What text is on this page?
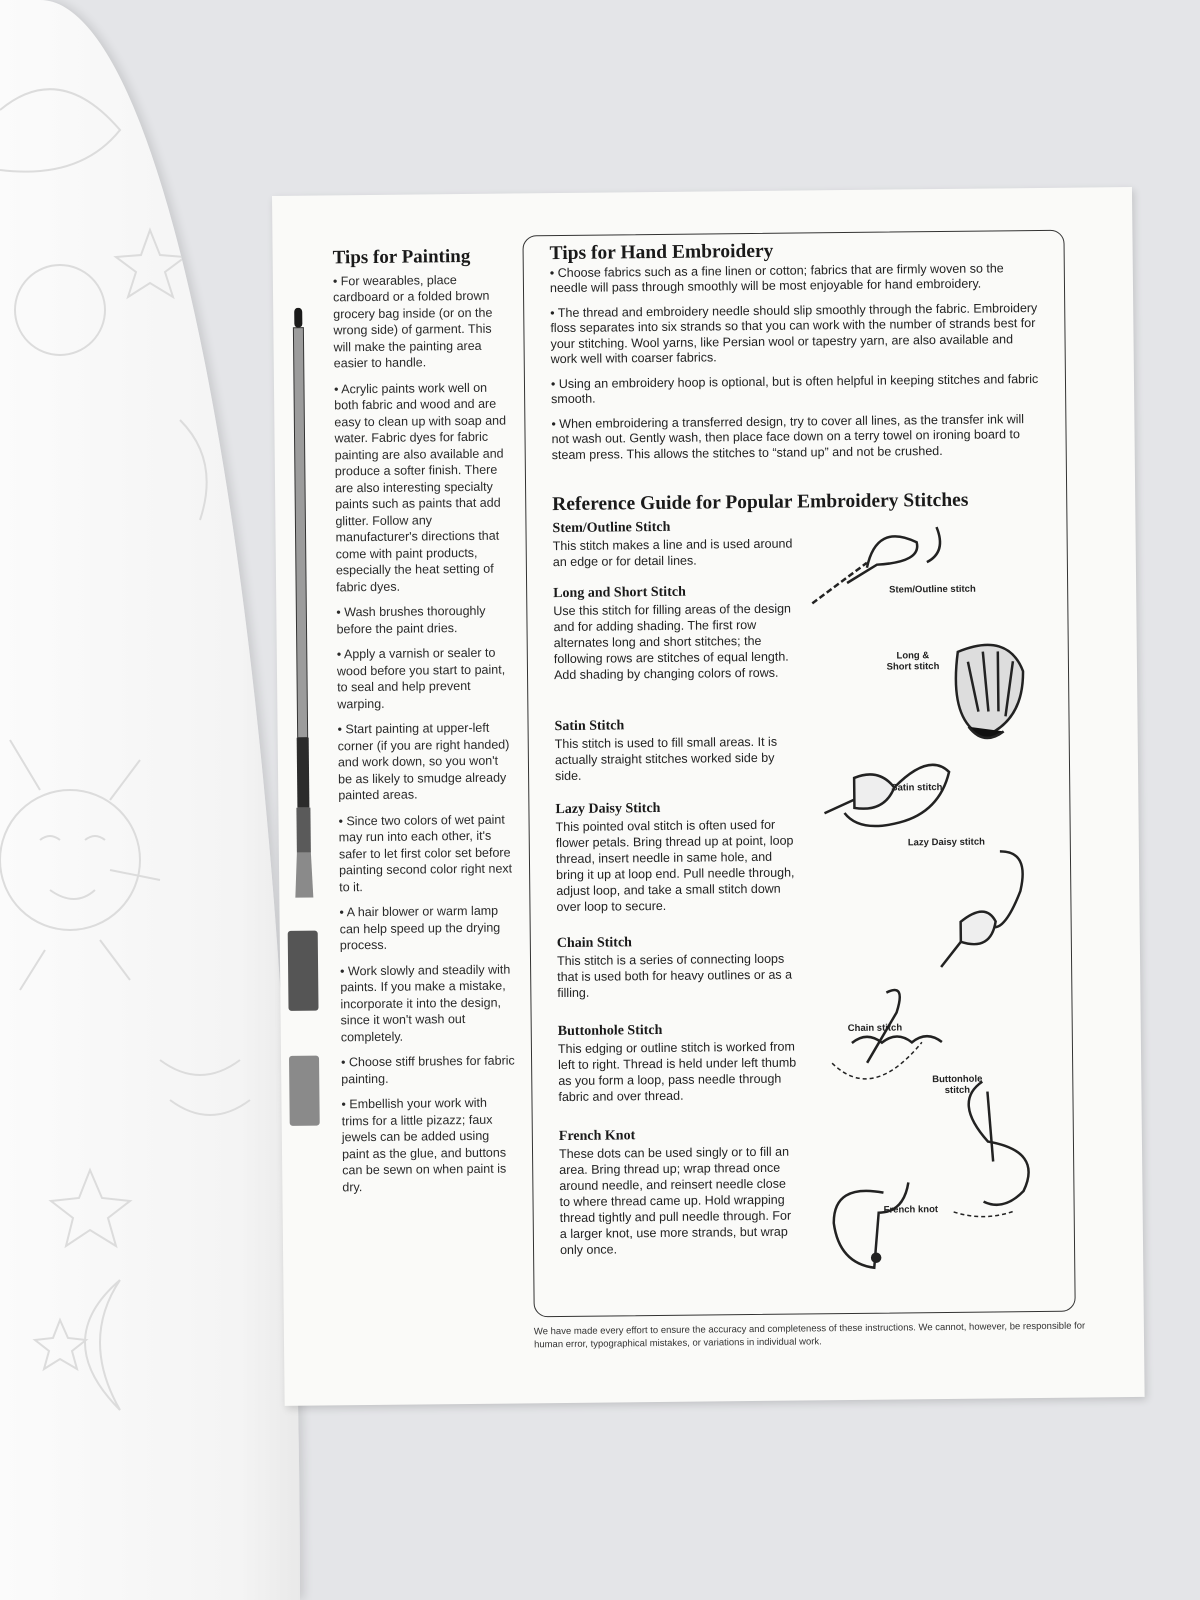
Tips for Painting

• For wearables, place cardboard or a folded brown grocery bag inside (or on the wrong side) of garment. This will make the painting area easier to handle.

• Acrylic paints work well on both fabric and wood and are easy to clean up with soap and water. Fabric dyes for fabric painting are also available and produce a softer finish. There are also interesting specialty paints such as paints that add glitter. Follow any manufacturer's directions that come with paint products, especially the heat setting of fabric dyes.

• Wash brushes thoroughly before the paint dries.

• Apply a varnish or sealer to wood before you start to paint, to seal and help prevent warping.

• Start painting at upper-left corner (if you are right handed) and work down, so you won't be as likely to smudge already painted areas.

• Since two colors of wet paint may run into each other, it's safer to let first color set before painting second color right next to it.

• A hair blower or warm lamp can help speed up the drying process.

• Work slowly and steadily with paints. If you make a mistake, incorporate it into the design, since it won't wash out completely.

• Choose stiff brushes for fabric painting.

• Embellish your work with trims for a little pizazz; faux jewels can be added using paint as the glue, and buttons can be sewn on when paint is dry.

Tips for Hand Embroidery

• Choose fabrics such as a fine linen or cotton; fabrics that are firmly woven so the needle will pass through smoothly will be most enjoyable for hand embroidery.

• The thread and embroidery needle should slip smoothly through the fabric. Embroidery floss separates into six strands so that you can work with the number of strands best for your stitching. Wool yarns, like Persian wool or tapestry yarn, are also available and work well with coarser fabrics.

• Using an embroidery hoop is optional, but is often helpful in keeping stitches and fabric smooth.

• When embroidering a transferred design, try to cover all lines, as the transfer ink will not wash out. Gently wash, then place face down on a terry towel on ironing board to steam press. This allows the stitches to “stand up” and not be crushed.

Reference Guide for Popular Embroidery Stitches
Stem/Outline Stitch

This stitch makes a line and is used around an edge or for detail lines.

Long and Short Stitch

Use this stitch for filling areas of the design and for adding shading. The first row alternates long and short stitches; the following rows are stitches of equal length. Add shading by changing colors of rows.

Satin Stitch

This stitch is used to fill small areas. It is actually straight stitches worked side by side.

Lazy Daisy Stitch

This pointed oval stitch is often used for flower petals. Bring thread up at point, loop thread, insert needle in same hole, and bring it up at loop end. Pull needle through, adjust loop, and take a small stitch down over loop to secure.

Chain Stitch

This stitch is a series of connecting loops that is used both for heavy outlines or as a filling.

Buttonhole Stitch

This edging or outline stitch is worked from left to right. Thread is held under left thumb as you form a loop, pass needle through fabric and over thread.

French Knot

These dots can be used singly or to fill an area. Bring thread up; wrap thread once around needle, and reinsert needle close to where thread came up. Hold wrapping thread tightly and pull needle through. For a larger knot, use more strands, but wrap only once.

Stem/Outline stitch
Long & Short stitch
Satin stitch
Lazy Daisy stitch
Chain stitch
Buttonhole stitch
French knot
We have made every effort to ensure the accuracy and completeness of these instructions. We cannot, however, be responsible for human error, typographical mistakes, or variations in individual work.
